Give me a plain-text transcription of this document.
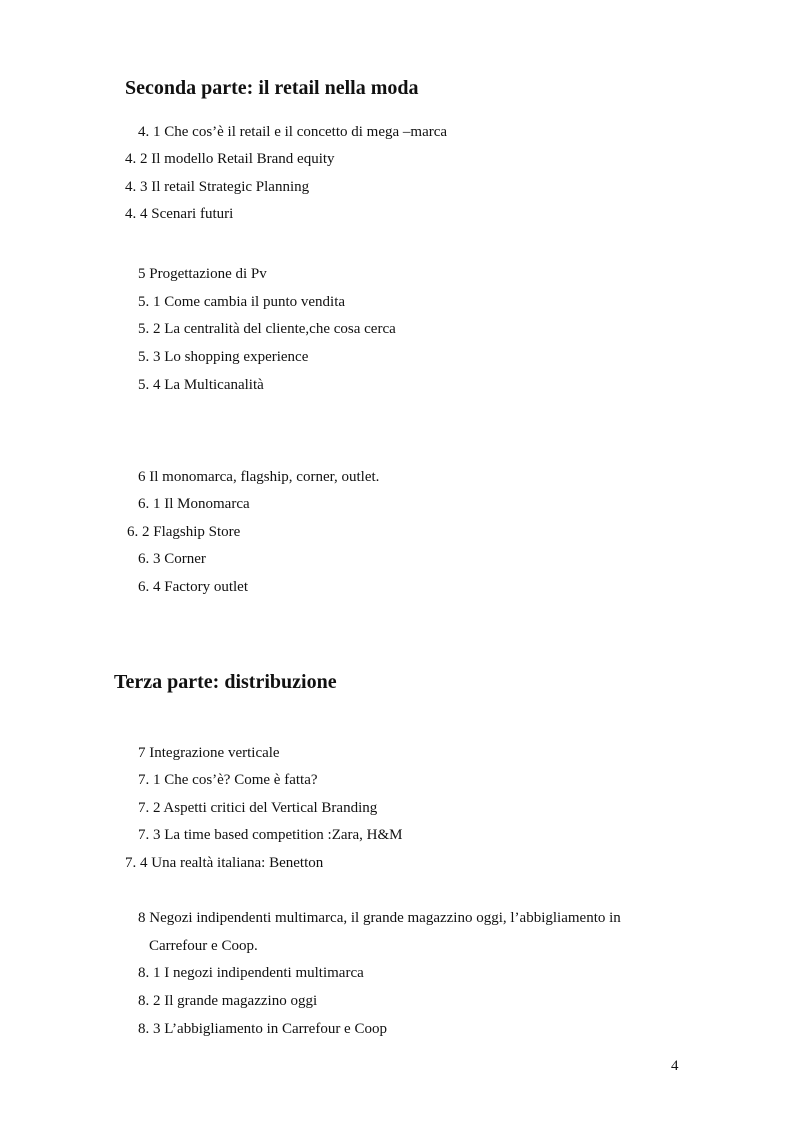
Seconda parte: il retail nella moda
4. 1 Che cos’è il retail e il concetto di mega –marca
4. 2 Il modello Retail Brand equity
4. 3 Il retail Strategic Planning
4. 4 Scenari futuri
5 Progettazione di Pv
5. 1 Come cambia il punto vendita
5. 2 La centralità del cliente,che cosa cerca
5. 3 Lo shopping experience
5. 4 La Multicanalità
6 Il monomarca, flagship, corner, outlet.
6. 1 Il Monomarca
6. 2 Flagship Store
6. 3 Corner
6. 4 Factory outlet
Terza parte: distribuzione
7 Integrazione verticale
7. 1 Che cos’è? Come è fatta?
7. 2 Aspetti critici del Vertical Branding
7. 3 La time based competition :Zara, H&M
7. 4 Una realtà italiana: Benetton
8 Negozi indipendenti multimarca, il grande magazzino oggi, l’abbigliamento in
Carrefour e Coop.
8. 1 I negozi indipendenti multimarca
8. 2 Il grande magazzino oggi
8. 3 L’abbigliamento in Carrefour e Coop
4
